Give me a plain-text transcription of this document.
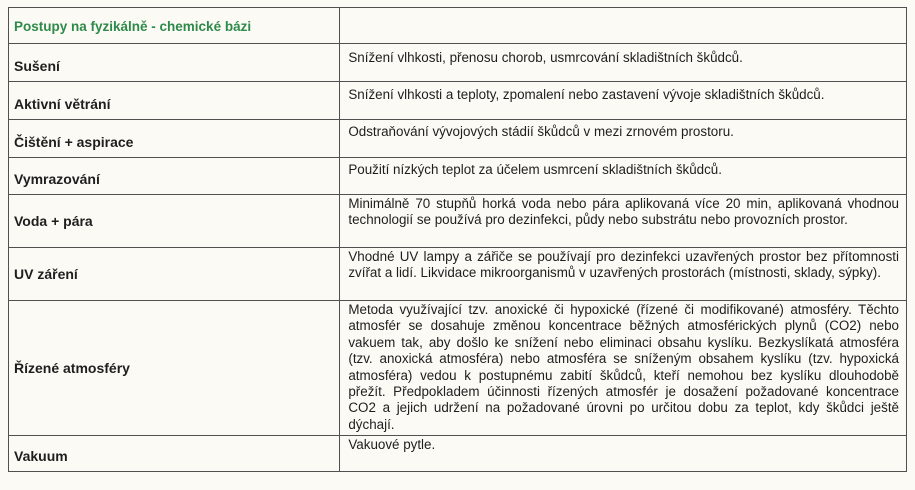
Postupy na fyzikálně - chemické bázi	
Sušení	Snížení vlhkosti, přenosu chorob, usmrcování skladištních škůdců.
Aktivní větrání	Snížení vlhkosti a teploty, zpomalení nebo zastavení vývoje skladištních škůdců.
Čištění + aspirace	Odstraňování vývojových stádií škůdců v mezi zrnovém prostoru.
Vymrazování	Použití nízkých teplot za účelem usmrcení skladištních škůdců.
Voda + pára	Minimálně 70 stupňů horká voda nebo pára aplikovaná více 20 min, aplikovaná vhodnou technologií se používá pro dezinfekci, půdy nebo substrátu nebo provozních prostor.
UV záření	Vhodné UV lampy a zářiče se používají pro dezinfekci uzavřených prostor bez přítomnosti zvířat a lidí. Likvidace mikroorganismů v uzavřených prostorách (místnosti, sklady, sýpky).
Řízené atmosféry	Metoda využívající tzv. anoxické či hypoxické (řízené či modifikované) atmosféry. Těchto atmosfér se dosahuje změnou koncentrace běžných atmosférických plynů (CO2) nebo vakuem tak, aby došlo ke snížení nebo eliminaci obsahu kyslíku. Bezkyslíkatá atmosféra (tzv. anoxická atmosféra) nebo atmosféra se sníženým obsahem kyslíku (tzv. hypoxická atmosféra) vedou k postupnému zabití škůdců, kteří nemohou bez kyslíku dlouhodobě přežít. Předpokladem účinnosti řízených atmosfér je dosažení požadované koncentrace CO2 a jejich udržení na požadované úrovni po určitou dobu za teplot, kdy škůdci ještě dýchají.
Vakuum	Vakuové pytle.
